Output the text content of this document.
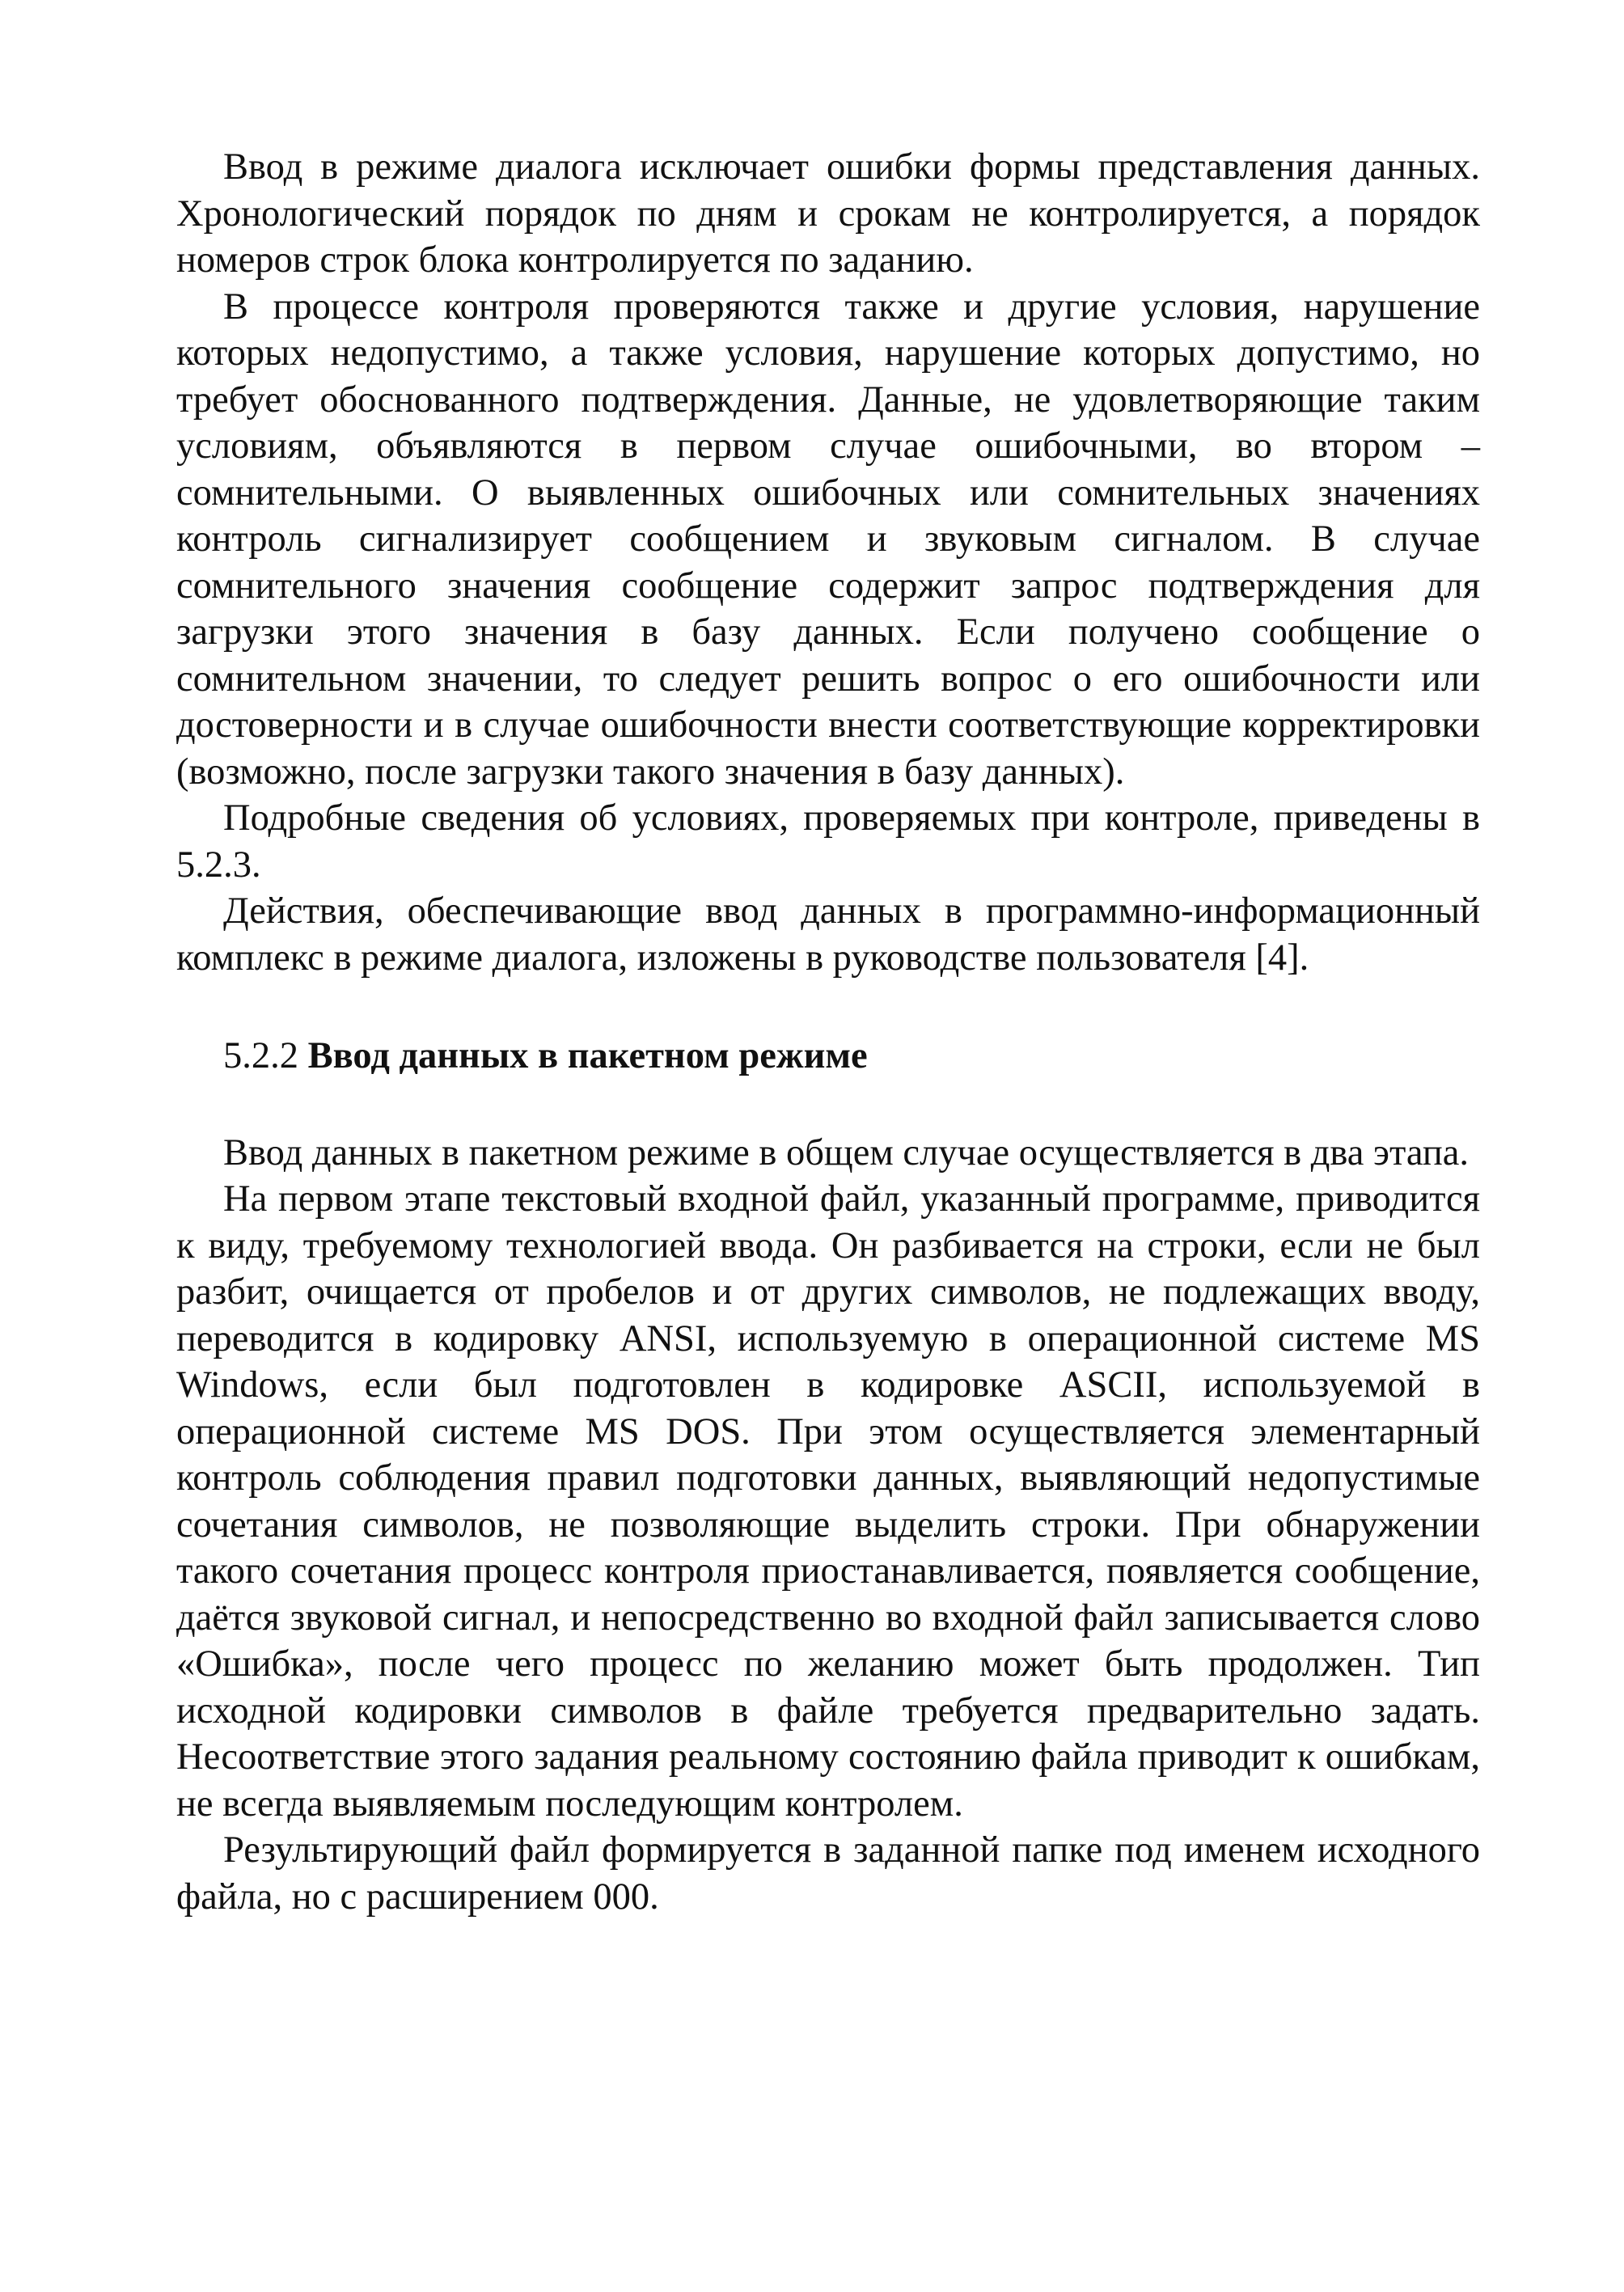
Ввод в режиме диалога исключает ошибки формы представления данных. Хронологический порядок по дням и срокам не контролируется, а порядок номеров строк блока контролируется по заданию.

В процессе контроля проверяются также и другие условия, нарушение которых недопустимо, а также условия, нарушение которых допустимо, но требует обоснованного подтверждения. Данные, не удовлетворяющие таким условиям, объявляются в первом случае ошибочными, во втором – сомнительными. О выявленных ошибочных или сомнительных значениях контроль сигнализирует сообщением и звуковым сигналом. В случае сомнительного значения сообщение содержит запрос подтверждения для загрузки этого значения в базу данных. Если получено сообщение о сомнительном значении, то следует решить вопрос о его ошибочности или достоверности и в случае ошибочности внести соответствующие корректировки (возможно, после загрузки такого значения в базу данных).

Подробные сведения об условиях, проверяемых при контроле, приведены в 5.2.3.

Действия, обеспечивающие ввод данных в программно-информационный комплекс в режиме диалога, изложены в руководстве пользователя [4].

5.2.2 Ввод данных в пакетном режиме

Ввод данных в пакетном режиме в общем случае осуществляется в два этапа.

На первом этапе текстовый входной файл, указанный программе, приводится к виду, требуемому технологией ввода. Он разбивается на строки, если не был разбит, очищается от пробелов и от других символов, не подлежащих вводу, переводится в кодировку ANSI, используемую в операционной системе MS Windows, если был подготовлен в кодировке ASCII, используемой в операционной системе MS DOS. При этом осуществляется элементарный контроль соблюдения правил подготовки данных, выявляющий недопустимые сочетания символов, не позволяющие выделить строки. При обнаружении такого сочетания процесс контроля приостанавливается, появляется сообщение, даётся звуковой сигнал, и непосредственно во входной файл записывается слово «Ошибка», после чего процесс по желанию может быть продолжен. Тип исходной кодировки символов в файле требуется предварительно задать. Несоответствие этого задания реальному состоянию файла приводит к ошибкам, не всегда выявляемым последующим контролем.

Результирующий файл формируется в заданной папке под именем исходного файла, но с расширением 000.
